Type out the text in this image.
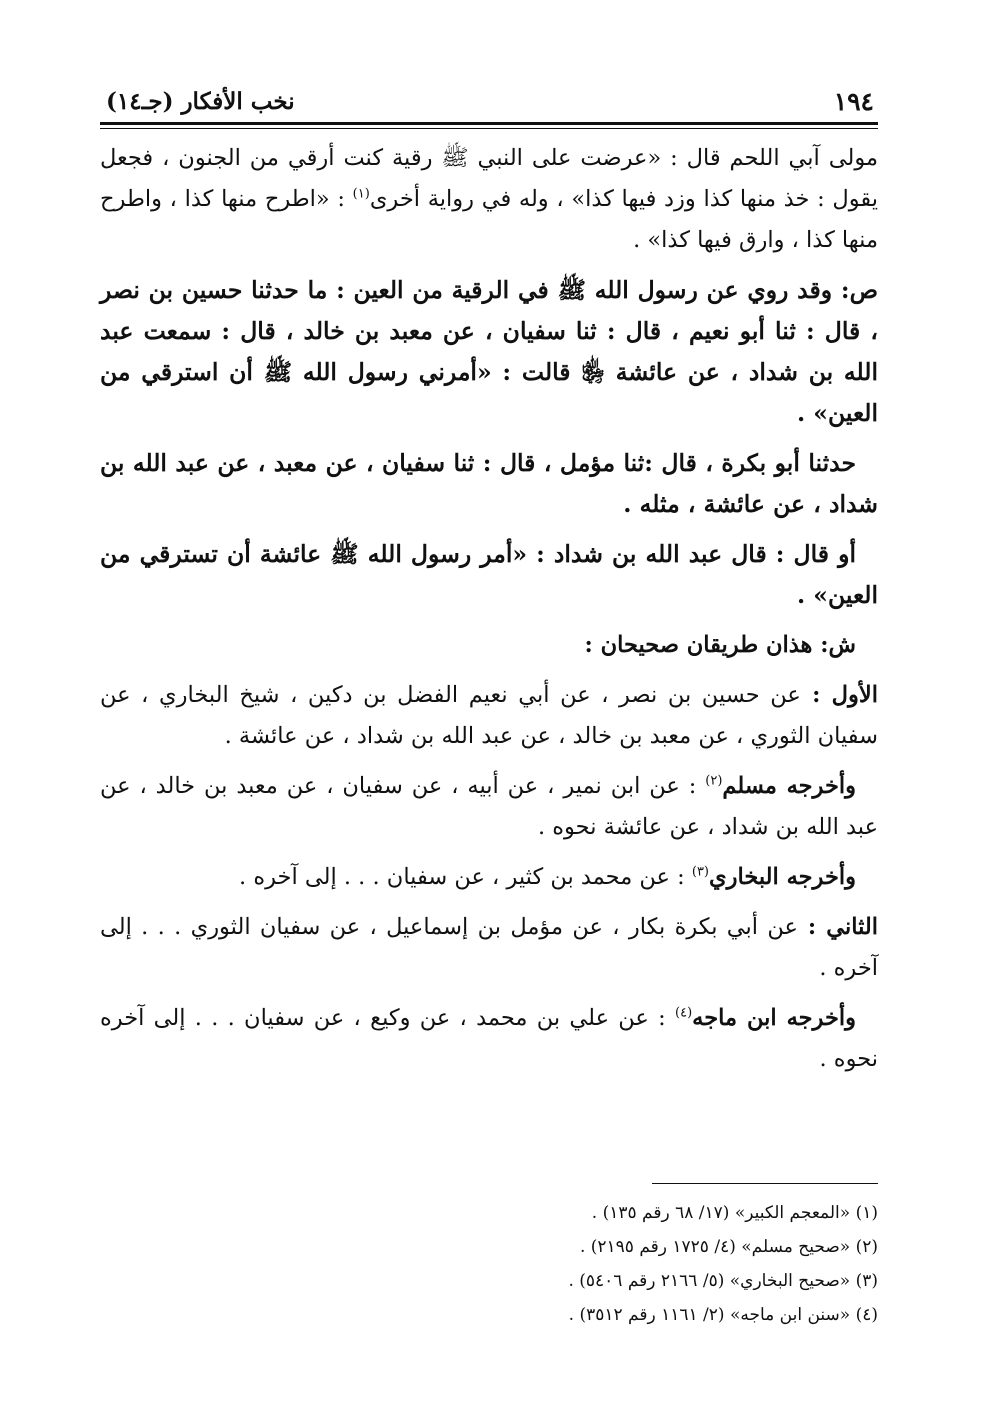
١٩٤
نخب الأفكار (جـ١٤)

مولى آبي اللحم قال : «عرضت على النبي ﷺ رقية كنت أرقي من الجنون ، فجعل يقول : خذ منها كذا وزد فيها كذا» ، وله في رواية أخرى$^{(١)}$ : «اطرح منها كذا ، واطرح منها كذا ، وارق فيها كذا» .

ص: وقد روي عن رسول الله ﷺ في الرقية من العين : ما حدثنا حسين بن نصر ، قال : ثنا أبو نعيم ، قال : ثنا سفيان ، عن معبد بن خالد ، قال : سمعت عبد الله بن شداد ، عن عائشة ﵂ قالت : «أمرني رسول الله ﷺ أن استرقي من العين» .

حدثنا أبو بكرة ، قال :ثنا مؤمل ، قال : ثنا سفيان ، عن معبد ، عن عبد الله بن شداد ، عن عائشة ، مثله .

أو قال : قال عبد الله بن شداد : «أمر رسول الله ﷺ عائشة أن تسترقي من العين» .

ش: هذان طريقان صحيحان :

الأول : عن حسين بن نصر ، عن أبي نعيم الفضل بن دكين ، شيخ البخاري ، عن سفيان الثوري ، عن معبد بن خالد ، عن عبد الله بن شداد ، عن عائشة .

وأخرجه مسلم$^{(٢)}$ : عن ابن نمير ، عن أبيه ، عن سفيان ، عن معبد بن خالد ، عن عبد الله بن شداد ، عن عائشة نحوه .

وأخرجه البخاري$^{(٣)}$ : عن محمد بن كثير ، عن سفيان . . . إلى آخره .

الثاني : عن أبي بكرة بكار ، عن مؤمل بن إسماعيل ، عن سفيان الثوري . . . إلى آخره .

وأخرجه ابن ماجه$^{(٤)}$ : عن علي بن محمد ، عن وكيع ، عن سفيان . . . إلى آخره نحوه .

(١) «المعجم الكبير» (١٧/ ٦٨ رقم ١٣٥) .
(٢) «صحيح مسلم» (٤/ ١٧٢٥ رقم ٢١٩٥) .
(٣) «صحيح البخاري» (٥/ ٢١٦٦ رقم ٥٤٠٦) .
(٤) «سنن ابن ماجه» (٢/ ١١٦١ رقم ٣٥١٢) .
